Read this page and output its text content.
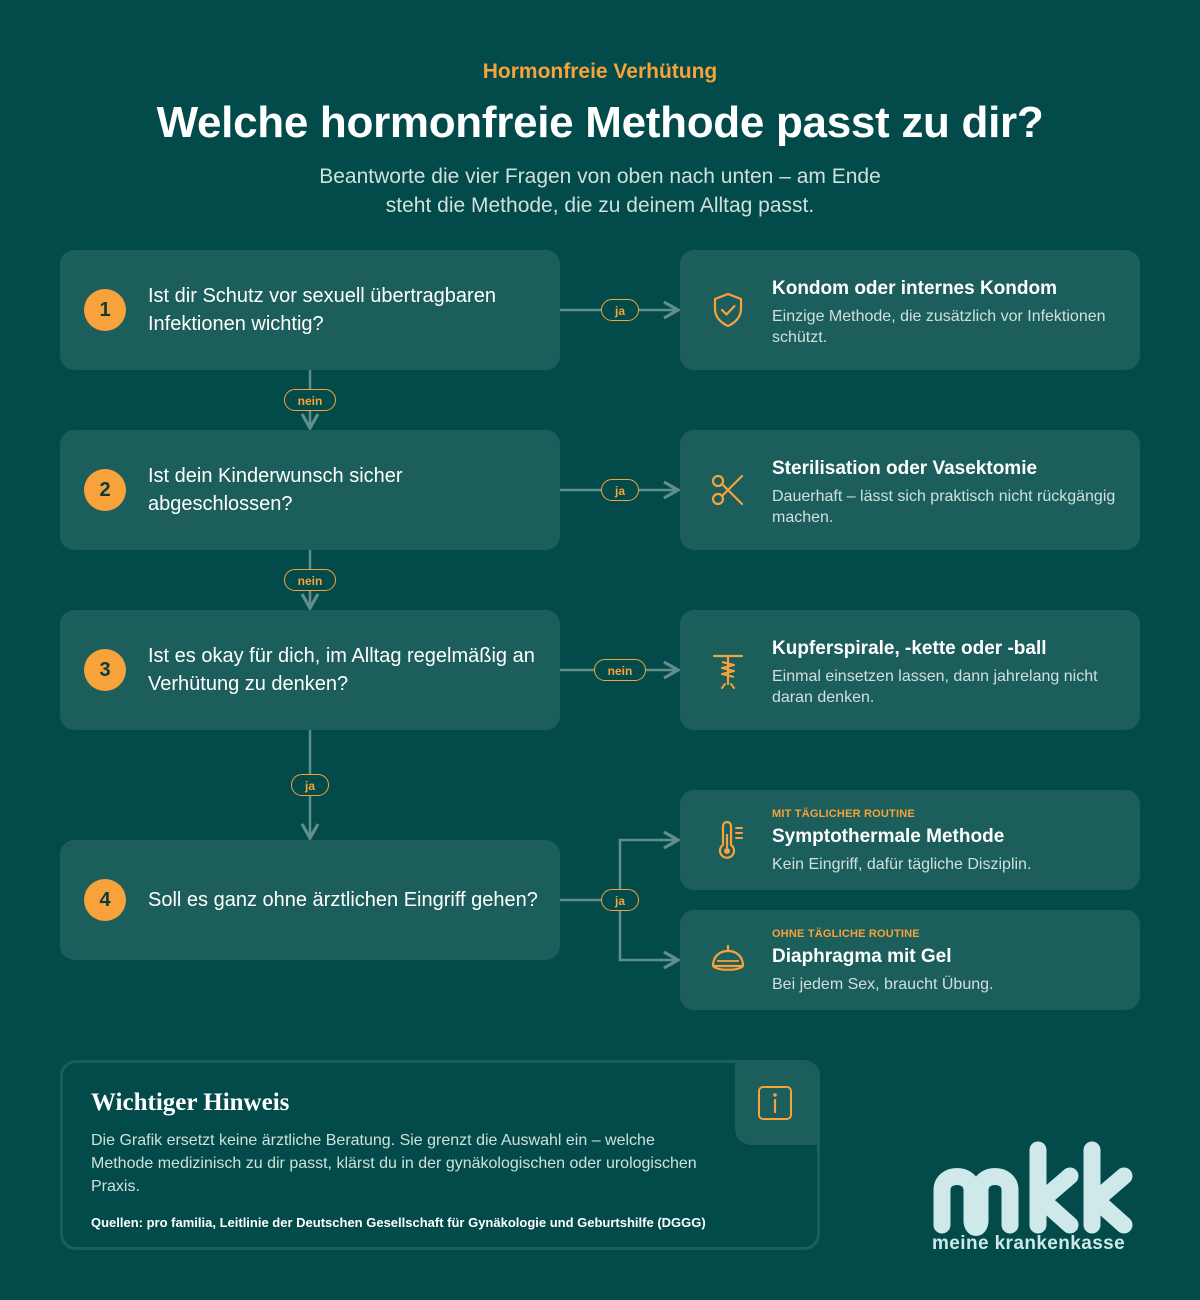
Hormonfreie Verhütung
Welche hormonfreie Methode passt zu dir?
Beantworte die vier Fragen von oben nach unten – am Ende steht die Methode, die zu deinem Alltag passt.
ja
nein
ja
nein
nein
ja
ja
1
Ist dir Schutz vor sexuell übertragbaren Infektionen wichtig?
2
Ist dein Kinderwunsch sicher abgeschlossen?
3
Ist es okay für dich, im Alltag regelmäßig an Verhütung zu denken?
4	Soll es ganz ohne ärztlichen Eingriff gehen?
Kondom oder internes Kondom
Einzige Methode, die zusätzlich vor Infektionen schützt.
Sterilisation oder Vasektomie
Dauerhaft – lässt sich praktisch nicht rückgängig machen.
Kupferspirale, -kette oder -ball
Einmal einsetzen lassen, dann jahrelang nicht daran denken.
MIT TÄGLICHER ROUTINE
Symptothermale Methode
Kein Eingriff, dafür tägliche Disziplin.
OHNE TÄGLICHE ROUTINE
Diaphragma mit Gel
Bei jedem Sex, braucht Übung.
Wichtiger Hinweis
Die Grafik ersetzt keine ärztliche Beratung. Sie grenzt die Auswahl ein – welche Methode medizinisch zu dir passt, klärst du in der gynäkologischen oder urologischen Praxis.
Quellen: pro familia, Leitlinie der Deutschen Gesellschaft für Gynäkologie und Geburtshilfe (DGGG)
meine krankenkasse
